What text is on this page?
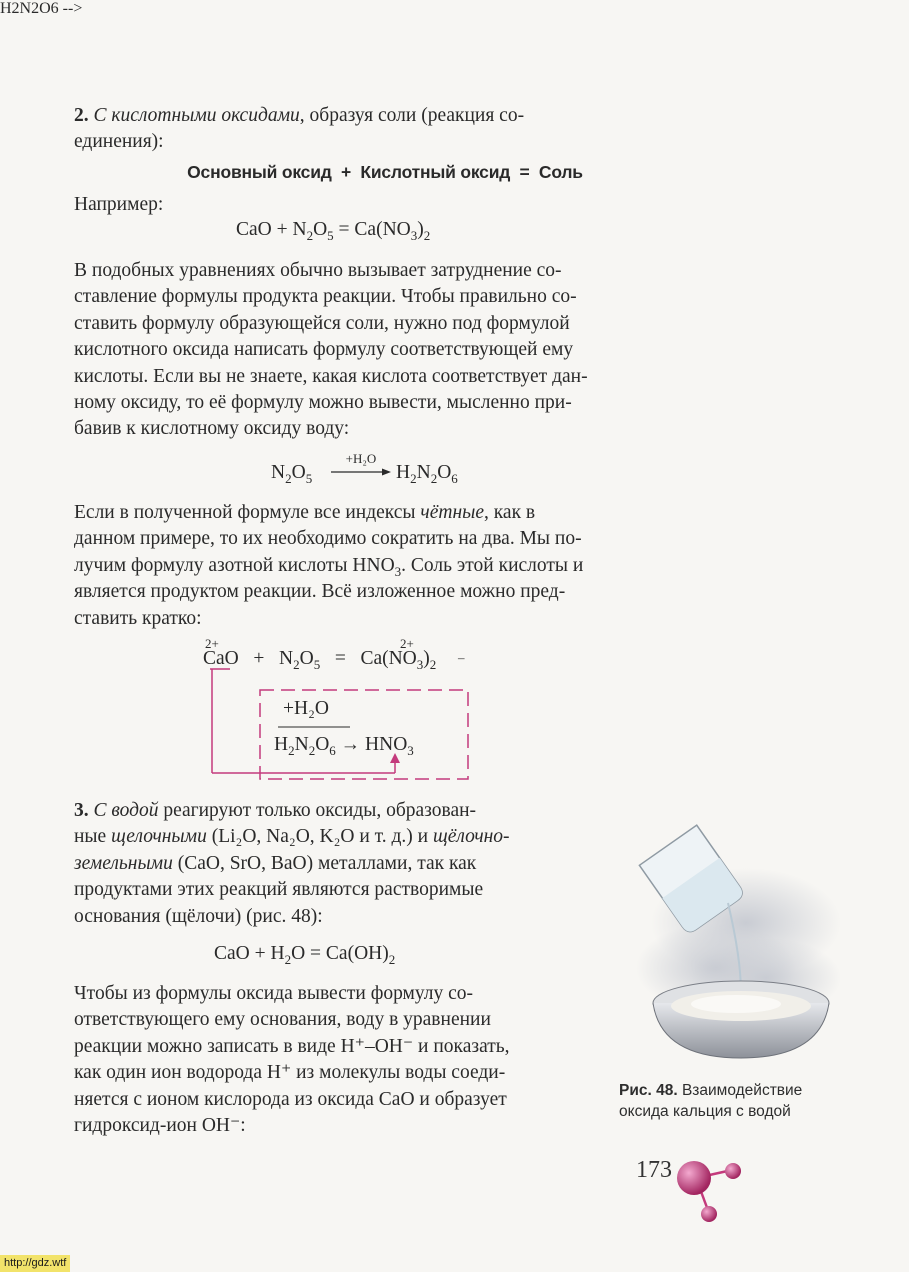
2. С кислотными оксидами, образуя соли (реакция со-
единения):
Основный оксид + Кислотный оксид = Соль
Например:
CaO + $N_2O_5 = Ca(NO_3)_2$
В подобных уравнениях обычно вызывает затруднение со-
ставление формулы продукта реакции. Чтобы правильно со-
ставить формулу образующейся соли, нужно под формулой
кислотного оксида написать формулу соответствующей ему
кислоты. Если вы не знаете, какая кислота соответствует дан-
ному оксиду, то её формулу можно вывести, мысленно при-
бавив к кислотному оксиду воду:
H2N2O6 -->
$N_2O_5$
+H₂O
→ $H_2N_2O_6$
Если в полученной формуле все индексы чётные, как в
данном примере, то их необходимо сократить на два. Мы по-
лучим формулу азотной кислоты $HNO_3$. Соль этой кислоты и
является продуктом реакции. Всё изложенное можно пред-
ставить кратко:
2+	2+
CaO   +   $N_2O_5 = Ca(NO_3)_2$ –
+H₂O
$H_2N_2O_6 \to HNO_3$
3. С водой реагируют только оксиды, образован-
ные щелочными (Li₂O, Na₂O, K₂O и т. д.) и щёлочно-
земельными (CaO, SrO, BaO) металлами, так как
продуктами этих реакций являются растворимые
основания (щёлочи) (рис. 48):
CaO + $H_2O = Ca(OH)_2$
Чтобы из формулы оксида вывести формулу со-
ответствующего ему основания, воду в уравнении
реакции можно записать в виде H⁺–OH⁻ и показать,
как один ион водорода H⁺ из молекулы воды соеди-
няется с ионом кислорода из оксида CaO и образует
гидроксид-ион OH⁻:
Рис. 48. Взаимодействие
оксида кальция с водой
173
http://gdz.wtf
